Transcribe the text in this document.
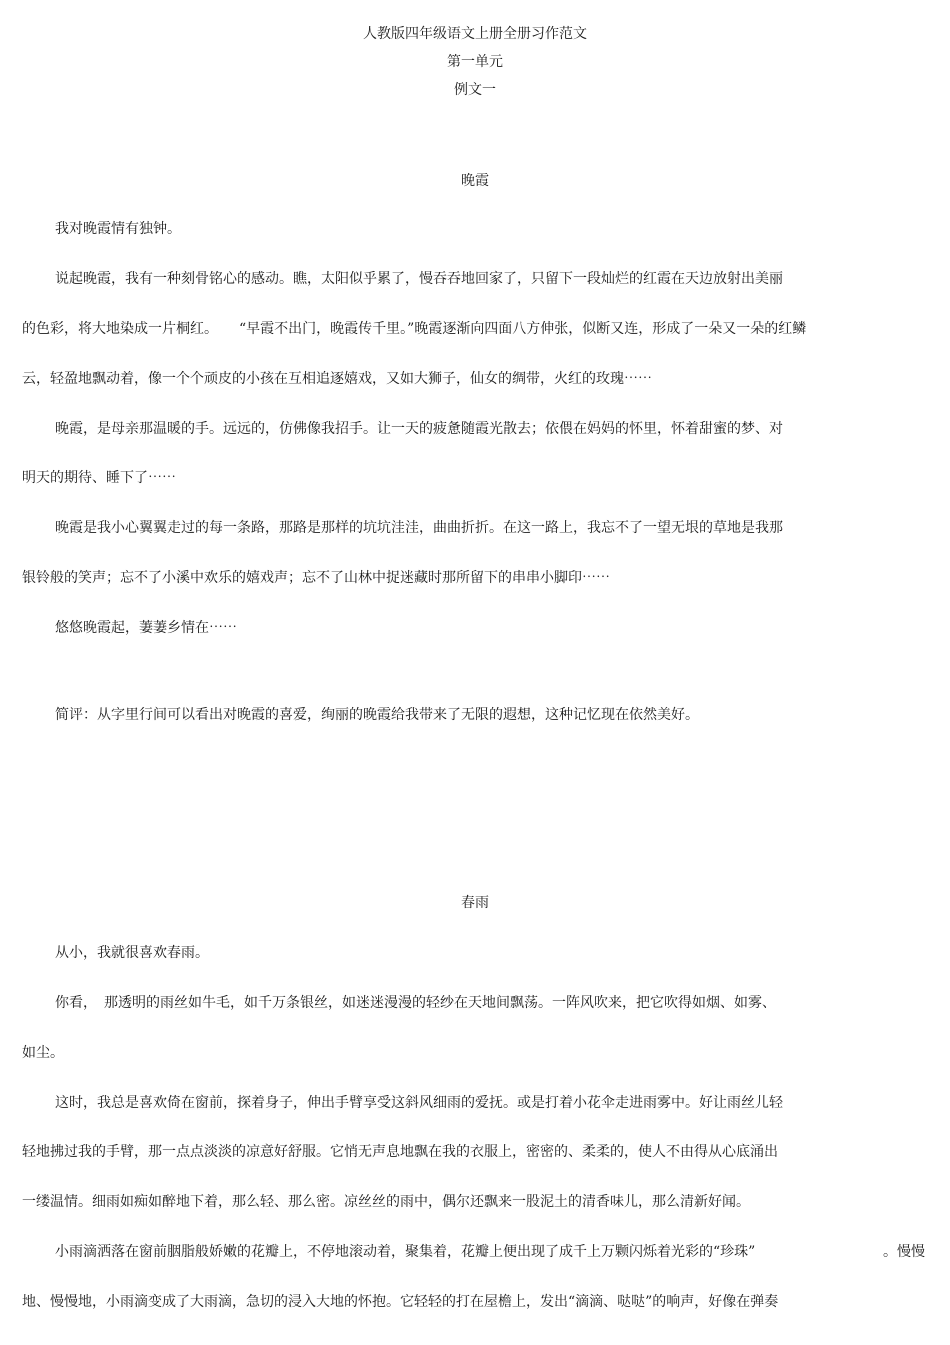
人教版四年级语文上册全册习作范文
第一单元
例文一
晚霞
我对晚霞情有独钟。
说起晚霞，我有一种刻骨铭心的感动。瞧，太阳似乎累了，慢吞吞地回家了，只留下一段灿烂的红霞在天边放射出美丽
的色彩，将大地染成一片桐红。　　“早霞不出门，晚霞传千里。”晚霞逐渐向四面八方伸张，似断又连，形成了一朵又一朵的红鳞
云，轻盈地飘动着，像一个个顽皮的小孩在互相追逐嬉戏，又如大狮子，仙女的绸带，火红的玫瑰⋯⋯
晚霞，是母亲那温暖的手。远远的，仿佛像我招手。让一天的疲惫随霞光散去；依偎在妈妈的怀里，怀着甜蜜的梦、对
明天的期待、睡下了⋯⋯
晚霞是我小心翼翼走过的每一条路，那路是那样的坑坑洼洼，曲曲折折。在这一路上，我忘不了一望无垠的草地是我那
银铃般的笑声；忘不了小溪中欢乐的嬉戏声；忘不了山林中捉迷藏时那所留下的串串小脚印⋯⋯
悠悠晚霞起，萋萋乡情在⋯⋯
简评：从字里行间可以看出对晚霞的喜爱，绚丽的晚霞给我带来了无限的遐想，这种记忆现在依然美好。
春雨
从小，我就很喜欢春雨。
你看，　那透明的雨丝如牛毛，如千万条银丝，如迷迷漫漫的轻纱在天地间飘荡。一阵风吹来，把它吹得如烟、如雾、
如尘。
这时，我总是喜欢倚在窗前，探着身子，伸出手臂享受这斜风细雨的爱抚。或是打着小花伞走进雨雾中。好让雨丝儿轻
轻地拂过我的手臂，那一点点淡淡的凉意好舒服。它悄无声息地飘在我的衣服上，密密的、柔柔的，使人不由得从心底涌出
一缕温情。细雨如痴如醉地下着，那么轻、那么密。凉丝丝的雨中，偶尔还飘来一股泥土的清香味儿，那么清新好闻。
小雨滴洒落在窗前胭脂般娇嫩的花瓣上，不停地滚动着，聚集着，花瓣上便出现了成千上万颗闪烁着光彩的“珍珠”	。慢慢
地、慢慢地，小雨滴变成了大雨滴，急切的浸入大地的怀抱。它轻轻的打在屋檐上，发出“滴滴、哒哒”的响声，好像在弹奏
